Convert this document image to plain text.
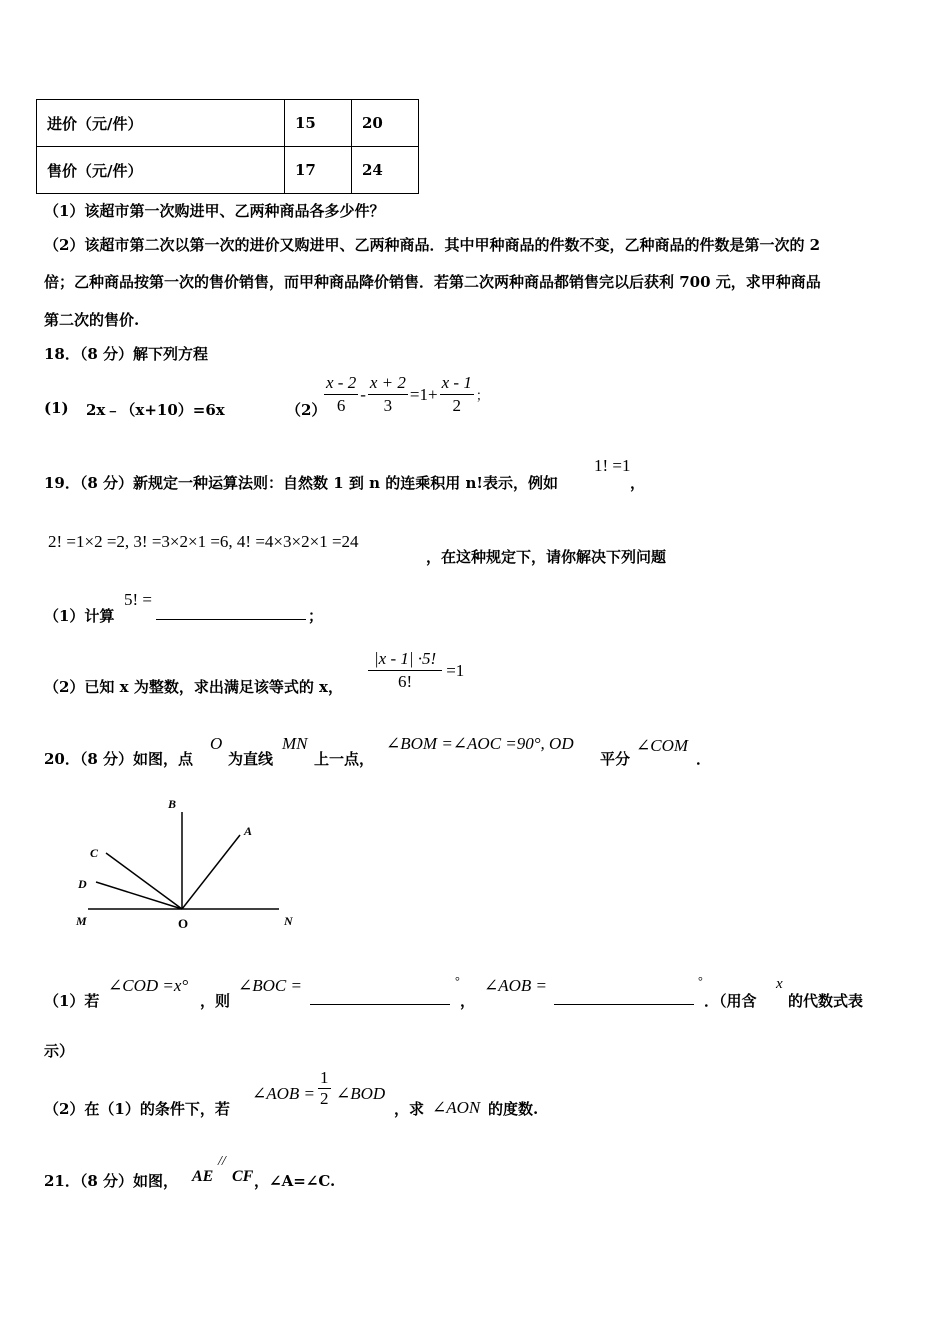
进价（元/件）	15	20
售价（元/件）	17	24
（1）该超市第一次购进甲、乙两种商品各多少件？
（2）该超市第二次以第一次的进价又购进甲、乙两种商品．其中甲种商品的件数不变，乙种商品的件数是第一次的 2
倍；乙种商品按第一次的售价销售，而甲种商品降价销售．若第二次两种商品都销售完以后获利 700 元，求甲种商品
第二次的售价.
18．（8 分）解下列方程
(1) 2x﹣（x+10）=6x	（2）
$\frac{x - 2}{6} - \frac{x + 2}{3} =1+ \frac{x - 1}{2}$ ；
19．（8 分）新规定一种运算法则：自然数 1 到 n 的连乘积用 n!表示，例如
1! =1
，
2! =1×2 =2, 3! =3×2×1 =6, 4! =4×3×2×1 =24
，在这种规定下，请你解决下列问题
（1）计算
5! =
；
（2）已知 x 为整数，求出满足该等式的 x， $\frac{|x - 1| \cdot 5!}{6!} =1$
20．（8 分）如图，点
O
为直线
MN
上一点，
∠BOM =∠AOC =90°, OD
平分
∠COM
．
B
A
C
D
M	O	N
（1）若
∠COD =x°
，则
∠BOC =	°
，
∠AOB =	°
．（用含
x
的代数式表
示）
（2）在（1）的条件下，若
∠AOB = $\frac{1}{2}$ ∠BOD
，求 ∠AON 的度数.
21．（8 分）如图， AE
//
CF ，∠A=∠C.
